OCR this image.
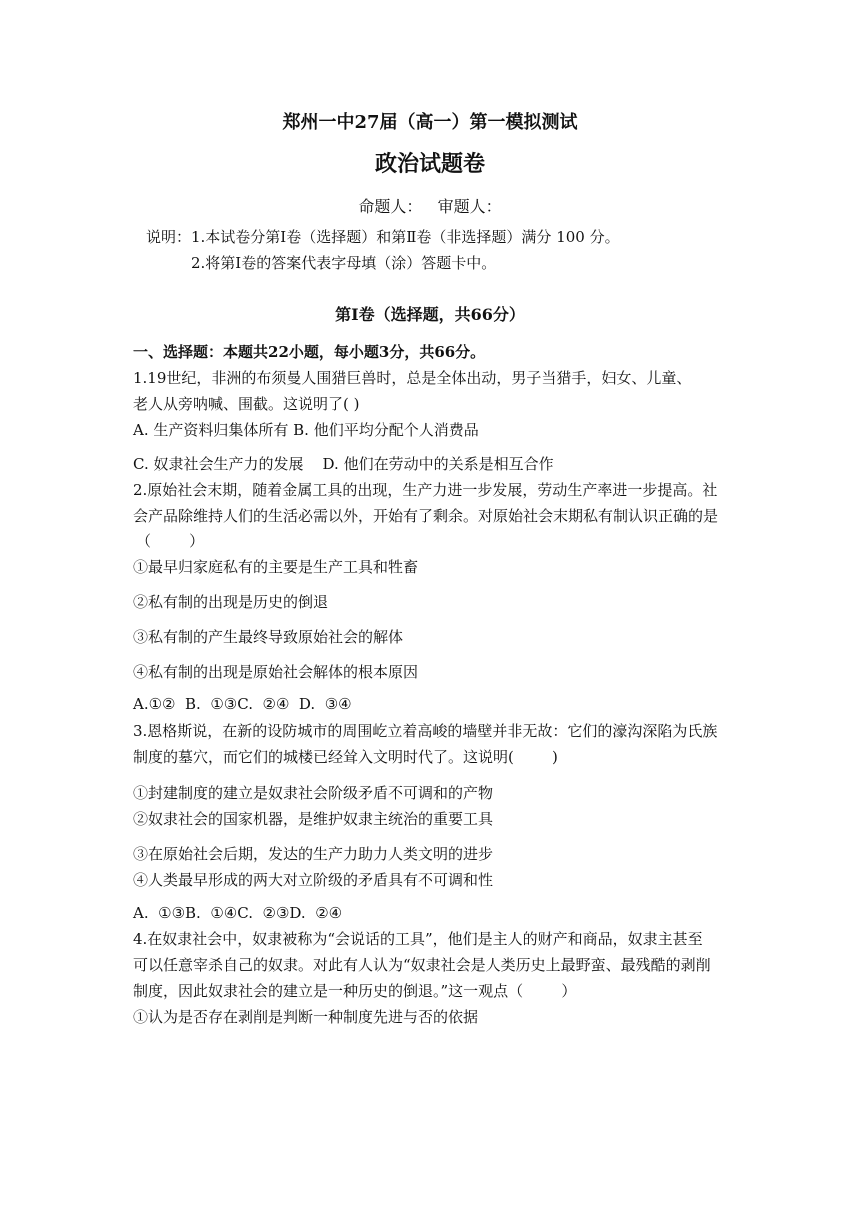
郑州一中27届（高一）第一模拟测试
政治试题卷
命题人：   审题人：
说明：1.本试卷分第Ⅰ卷（选择题）和第Ⅱ卷（非选择题）满分 100 分。
2.将第Ⅰ卷的答案代表字母填（涂）答题卡中。
第Ⅰ卷（选择题，共66分）
一、选择题：本题共22小题，每小题3分，共66分。
1.19世纪，非洲的布须曼人围猎巨兽时，总是全体出动，男子当猎手，妇女、儿童、
老人从旁呐喊、围截。这说明了( )
A. 生产资料归集体所有 B. 他们平均分配个人消费品
C. 奴隶社会生产力的发展    D. 他们在劳动中的关系是相互合作
2.原始社会末期，随着金属工具的出现，生产力进一步发展，劳动生产率进一步提高。社
会产品除维持人们的生活必需以外，开始有了剩余。对原始社会末期私有制认识正确的是
（        ）
①最早归家庭私有的主要是生产工具和牲畜
②私有制的出现是历史的倒退
③私有制的产生最终导致原始社会的解体
④私有制的出现是原始社会解体的根本原因
A.①②  B.  ①③C.  ②④  D.  ③④
3.恩格斯说，在新的设防城市的周围屹立着高峻的墙壁并非无故：它们的濠沟深陷为氏族
制度的墓穴，而它们的城楼已经耸入文明时代了。这说明(        )
①封建制度的建立是奴隶社会阶级矛盾不可调和的产物
②奴隶社会的国家机器，是维护奴隶主统治的重要工具
③在原始社会后期，发达的生产力助力人类文明的进步
④人类最早形成的两大对立阶级的矛盾具有不可调和性
A.  ①③B.  ①④C.  ②③D.  ②④
4.在奴隶社会中，奴隶被称为“会说话的工具”，他们是主人的财产和商品，奴隶主甚至
可以任意宰杀自己的奴隶。对此有人认为“奴隶社会是人类历史上最野蛮、最残酷的剥削
制度，因此奴隶社会的建立是一种历史的倒退。”这一观点（        ）
①认为是否存在剥削是判断一种制度先进与否的依据
